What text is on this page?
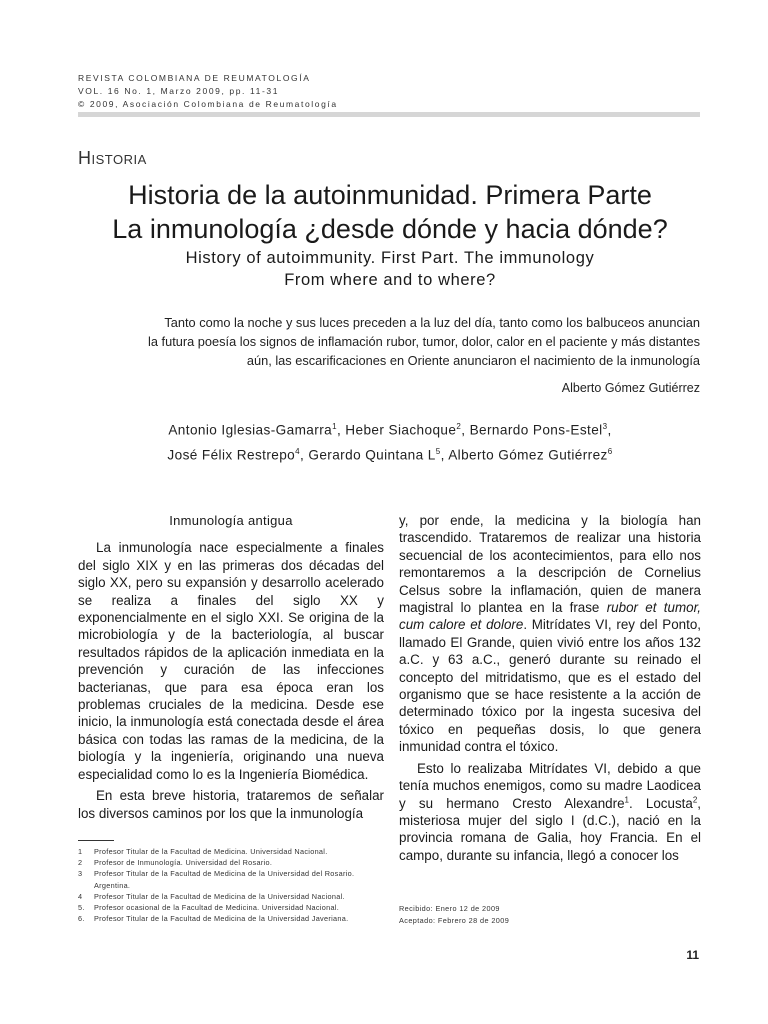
REVISTA COLOMBIANA DE REUMATOLOGÍA
VOL. 16 No. 1, Marzo 2009, pp. 11-31
© 2009, Asociación Colombiana de Reumatología
HISTORIA
Historia de la autoinmunidad. Primera Parte
La inmunología ¿desde dónde y hacia dónde?
History of autoimmunity. First Part. The immunology
From where and to where?
Tanto como la noche y sus luces preceden a la luz del día, tanto como los balbuceos anuncian
la futura poesía los signos de inflamación rubor, tumor, dolor, calor en el paciente y más distantes
aún, las escarificaciones en Oriente anunciaron el nacimiento de la inmunología
Alberto Gómez Gutiérrez
Antonio Iglesias-Gamarra$^1$, Heber Siachoque$^2$, Bernardo Pons-Estel$^3$,
José Félix Restrepo$^4$, Gerardo Quintana $L^5$, Alberto Gómez Gutiérrez$^6$
Inmunología antigua

La inmunología nace especialmente a finales del siglo XIX y en las primeras dos décadas del siglo XX, pero su expansión y desarrollo acelerado se realiza a finales del siglo XX y exponencialmente en el siglo XXI. Se origina de la microbiología y de la bacteriología, al buscar resultados rápidos de la aplicación inmediata en la prevención y curación de las infecciones bacterianas, que para esa época eran los problemas cruciales de la medicina. Desde ese inicio, la inmunología está conectada desde el área básica con todas las ramas de la medicina, de la biología y la ingeniería, originando una nueva especialidad como lo es la Ingeniería Biomédica.

En esta breve historia, trataremos de señalar los diversos caminos por los que la inmunología

y, por ende, la medicina y la biología han trascendido. Trataremos de realizar una historia secuencial de los acontecimientos, para ello nos remontaremos a la descripción de Cornelius Celsus sobre la inflamación, quien de manera magistral lo plantea en la frase rubor et tumor, cum calore et dolore. Mitrídates VI, rey del Ponto, llamado El Grande, quien vivió entre los años 132 a.C. y 63 a.C., generó durante su reinado el concepto del mitridatismo, que es el estado del organismo que se hace resistente a la acción de determinado tóxico por la ingesta sucesiva del tóxico en pequeñas dosis, lo que genera inmunidad contra el tóxico.

Esto lo realizaba Mitrídates VI, debido a que tenía muchos enemigos, como su madre Laodicea y su hermano Cresto Alexandre$^1$. Locusta$^2$, misteriosa mujer del siglo I (d.C.), nació en la provincia romana de Galia, hoy Francia. En el campo, durante su infancia, llegó a conocer los

1	Profesor Titular de la Facultad de Medicina. Universidad Nacional.
2	Profesor de Inmunología. Universidad del Rosario.
3	Profesor Titular de la Facultad de Medicina de la Universidad del Rosario. Argentina.
4	Profesor Titular de la Facultad de Medicina de la Universidad Nacional.
5.	Profesor ocasional de la Facultad de Medicina. Universidad Nacional.
6.	Profesor Titular de la Facultad de Medicina de la Universidad Javeriana.
Recibido: Enero 12 de 2009
Aceptado: Febrero 28 de 2009
11
